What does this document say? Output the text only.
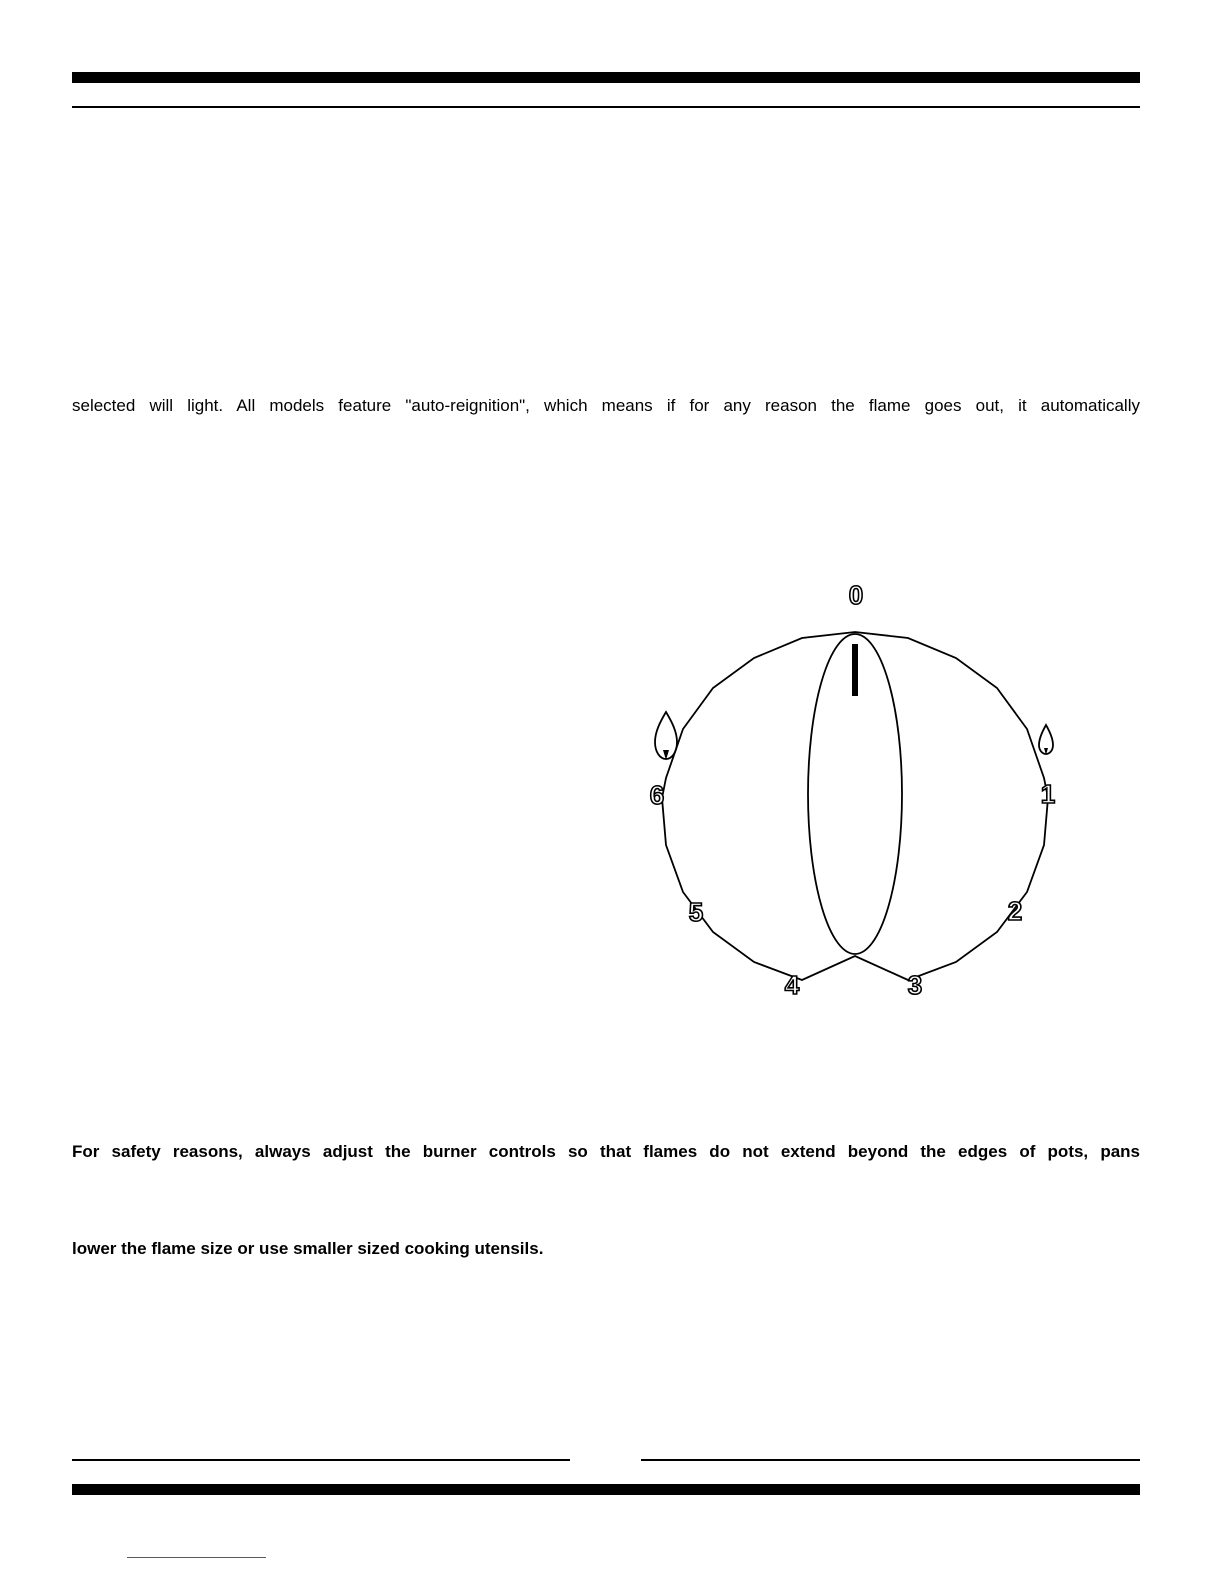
selected will light. All models feature "auto-reignition", which means if for any reason the flame goes out, it automatically
0
1
2
3
4
5
6
For safety reasons, always adjust the burner controls so that flames do not extend beyond the edges of pots, pans
lower the flame size or use smaller sized cooking utensils.
